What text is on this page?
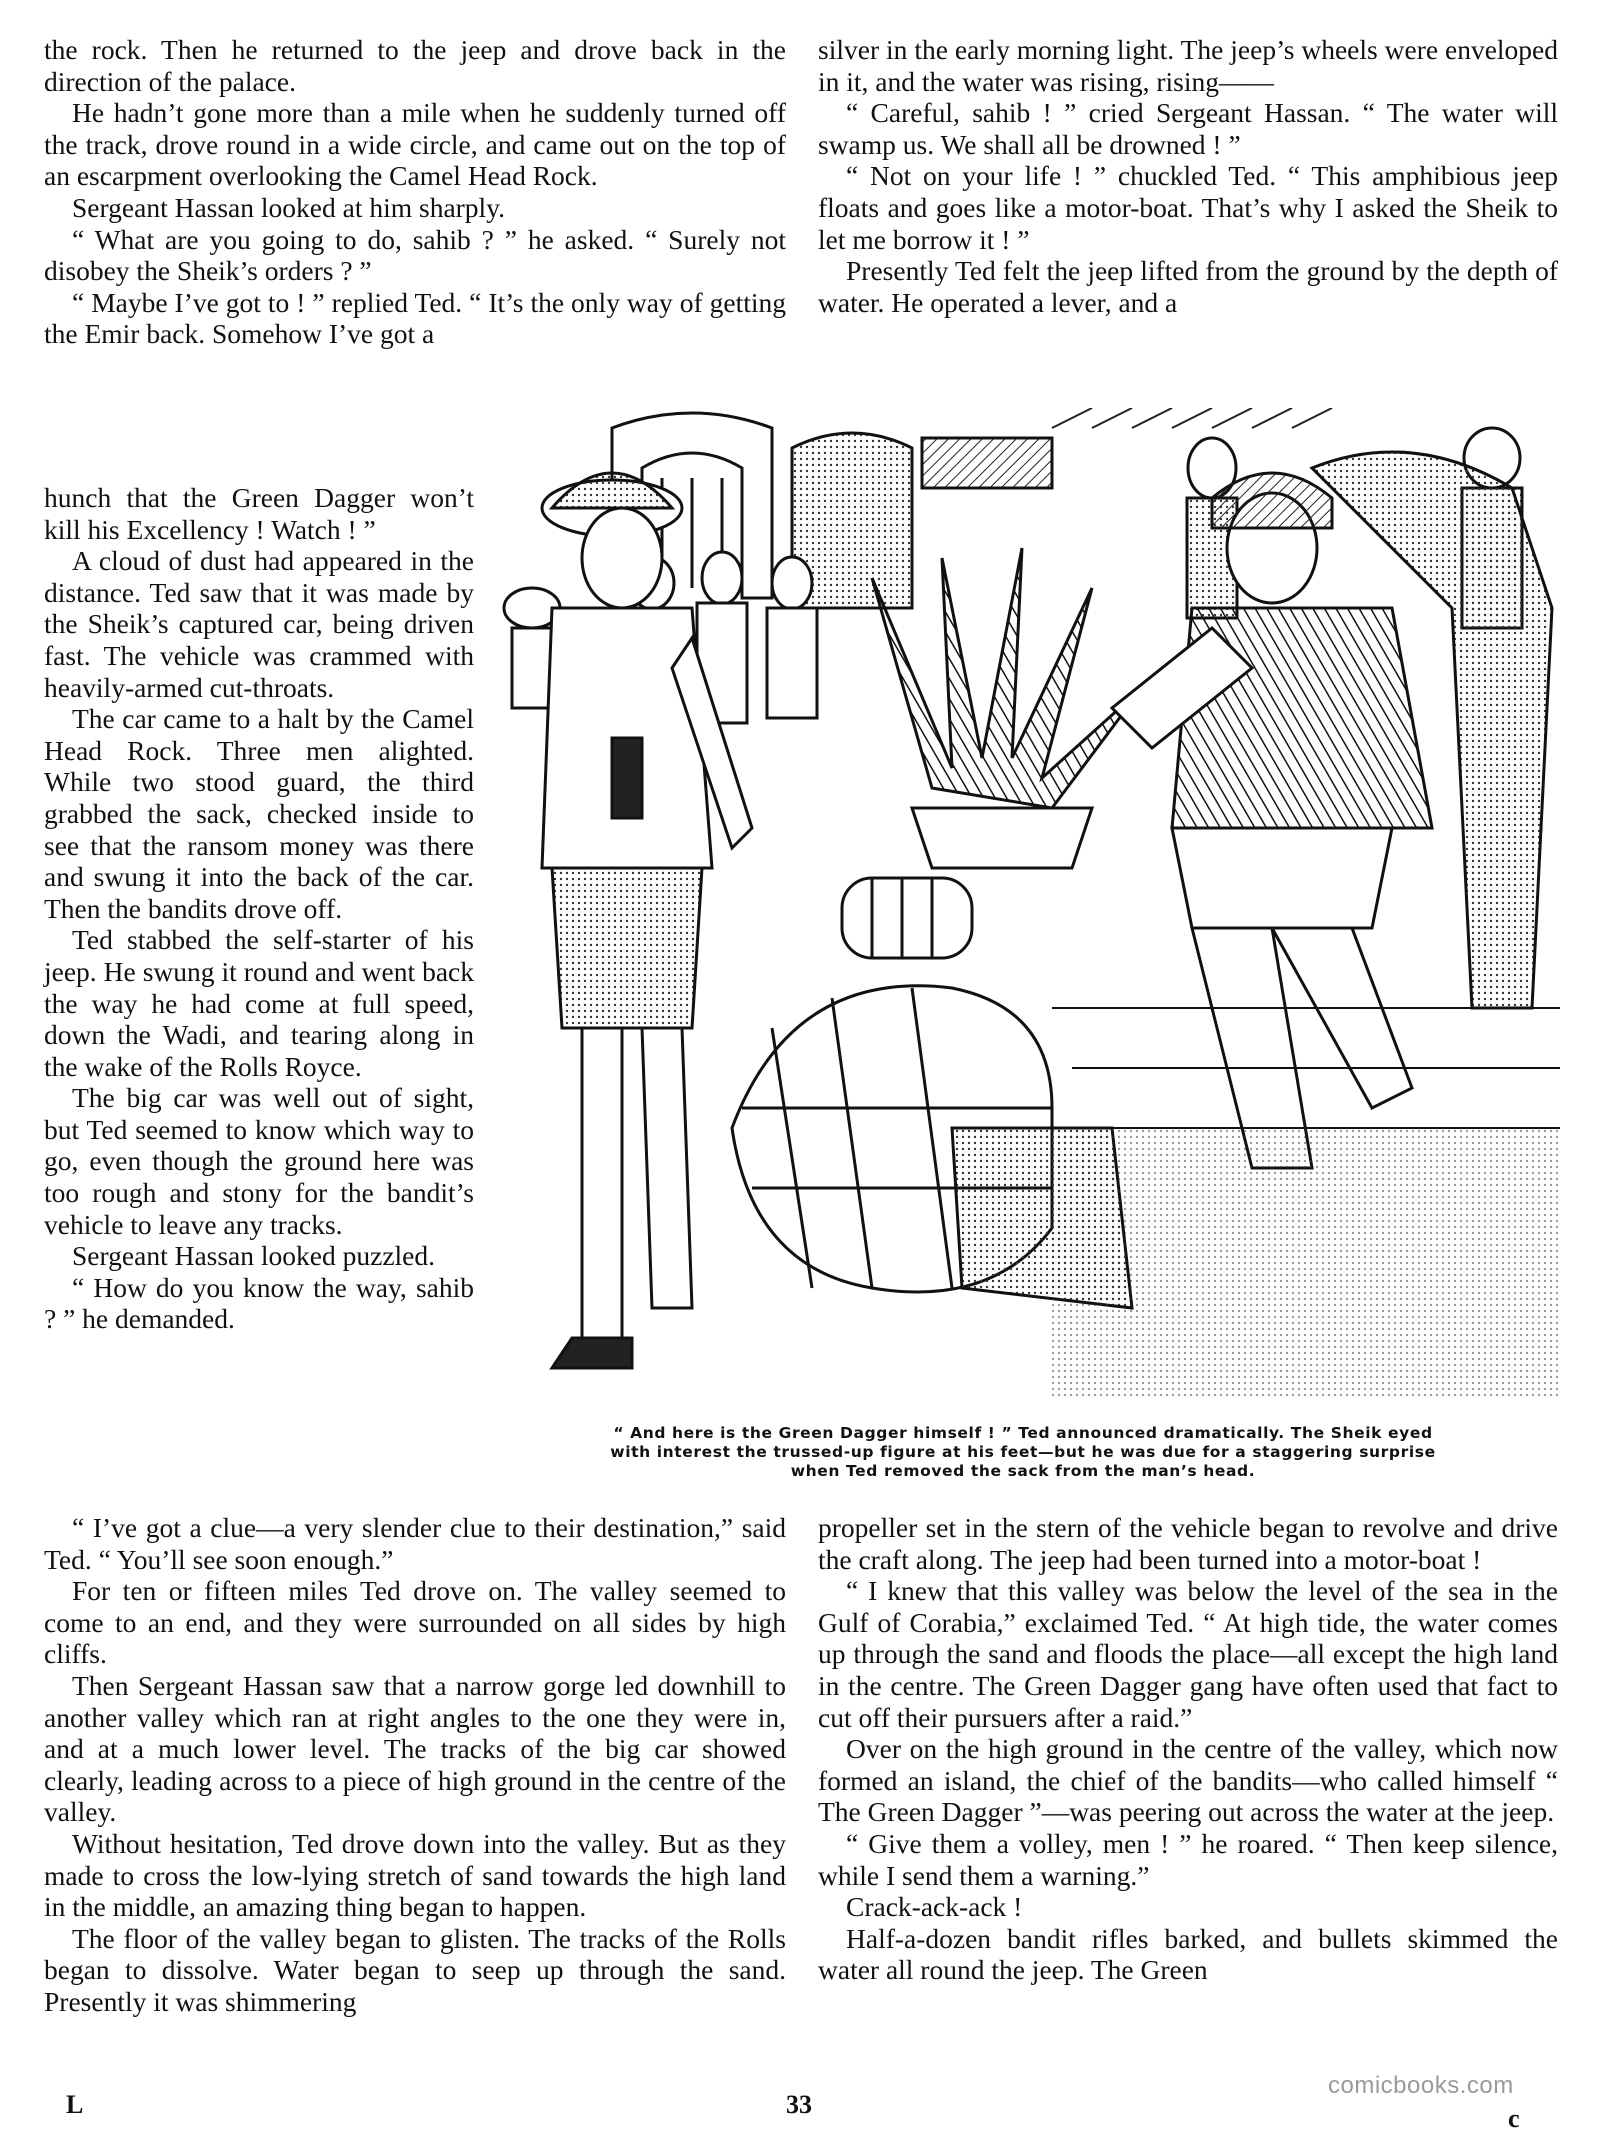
the rock. Then he returned to the jeep and drove back in the direction of the palace.

He hadn’t gone more than a mile when he suddenly turned off the track, drove round in a wide circle, and came out on the top of an escarpment overlooking the Camel Head Rock.

Sergeant Hassan looked at him sharply.

“ What are you going to do, sahib ? ” he asked. “ Surely not disobey the Sheik’s orders ? ”

“ Maybe I’ve got to ! ” replied Ted. “ It’s the only way of getting the Emir back. Somehow I’ve got a

hunch that the Green Dagger won’t kill his Excellency ! Watch ! ”

A cloud of dust had appeared in the distance. Ted saw that it was made by the Sheik’s captured car, being driven fast. The vehicle was crammed with heavily-armed cut-throats.

The car came to a halt by the Camel Head Rock. Three men alighted. While two stood guard, the third grabbed the sack, checked inside to see that the ransom money was there and swung it into the back of the car. Then the bandits drove off.

Ted stabbed the self-starter of his jeep. He swung it round and went back the way he had come at full speed, down the Wadi, and tearing along in the wake of the Rolls Royce.

The big car was well out of sight, but Ted seemed to know which way to go, even though the ground here was too rough and stony for the bandit’s vehicle to leave any tracks.

Sergeant Hassan looked puzzled.

“ How do you know the way, sahib ? ” he demanded.

“ I’ve got a clue—a very slender clue to their destination,” said Ted. “ You’ll see soon enough.”

For ten or fifteen miles Ted drove on. The valley seemed to come to an end, and they were surrounded on all sides by high cliffs.

Then Sergeant Hassan saw that a narrow gorge led downhill to another valley which ran at right angles to the one they were in, and at a much lower level. The tracks of the big car showed clearly, leading across to a piece of high ground in the centre of the valley.

Without hesitation, Ted drove down into the valley. But as they made to cross the low-lying stretch of sand towards the high land in the middle, an amazing thing began to happen.

The floor of the valley began to glisten. The tracks of the Rolls began to dissolve. Water began to seep up through the sand. Presently it was shimmering

silver in the early morning light. The jeep’s wheels were enveloped in it, and the water was rising, rising——

“ Careful, sahib ! ” cried Sergeant Hassan. “ The water will swamp us. We shall all be drowned ! ”

“ Not on your life ! ” chuckled Ted. “ This amphibious jeep floats and goes like a motor-boat. That’s why I asked the Sheik to let me borrow it ! ”

Presently Ted felt the jeep lifted from the ground by the depth of water. He operated a lever, and a

propeller set in the stern of the vehicle began to revolve and drive the craft along. The jeep had been turned into a motor-boat !

“ I knew that this valley was below the level of the sea in the Gulf of Corabia,” exclaimed Ted. “ At high tide, the water comes up through the sand and floods the place—all except the high land in the centre. The Green Dagger gang have often used that fact to cut off their pursuers after a raid.”

Over on the high ground in the centre of the valley, which now formed an island, the chief of the bandits—who called himself “ The Green Dagger ”—was peering out across the water at the jeep.

“ Give them a volley, men ! ” he roared. “ Then keep silence, while I send them a warning.”

Crack-ack-ack !

Half-a-dozen bandit rifles barked, and bullets skimmed the water all round the jeep. The Green

“ And here is the Green Dagger himself ! ” Ted announced dramatically. The Sheik eyed
with interest the trussed-up figure at his feet—but he was due for a staggering surprise
when Ted removed the sack from the man’s head.
L	33	c
comicbooks.com
